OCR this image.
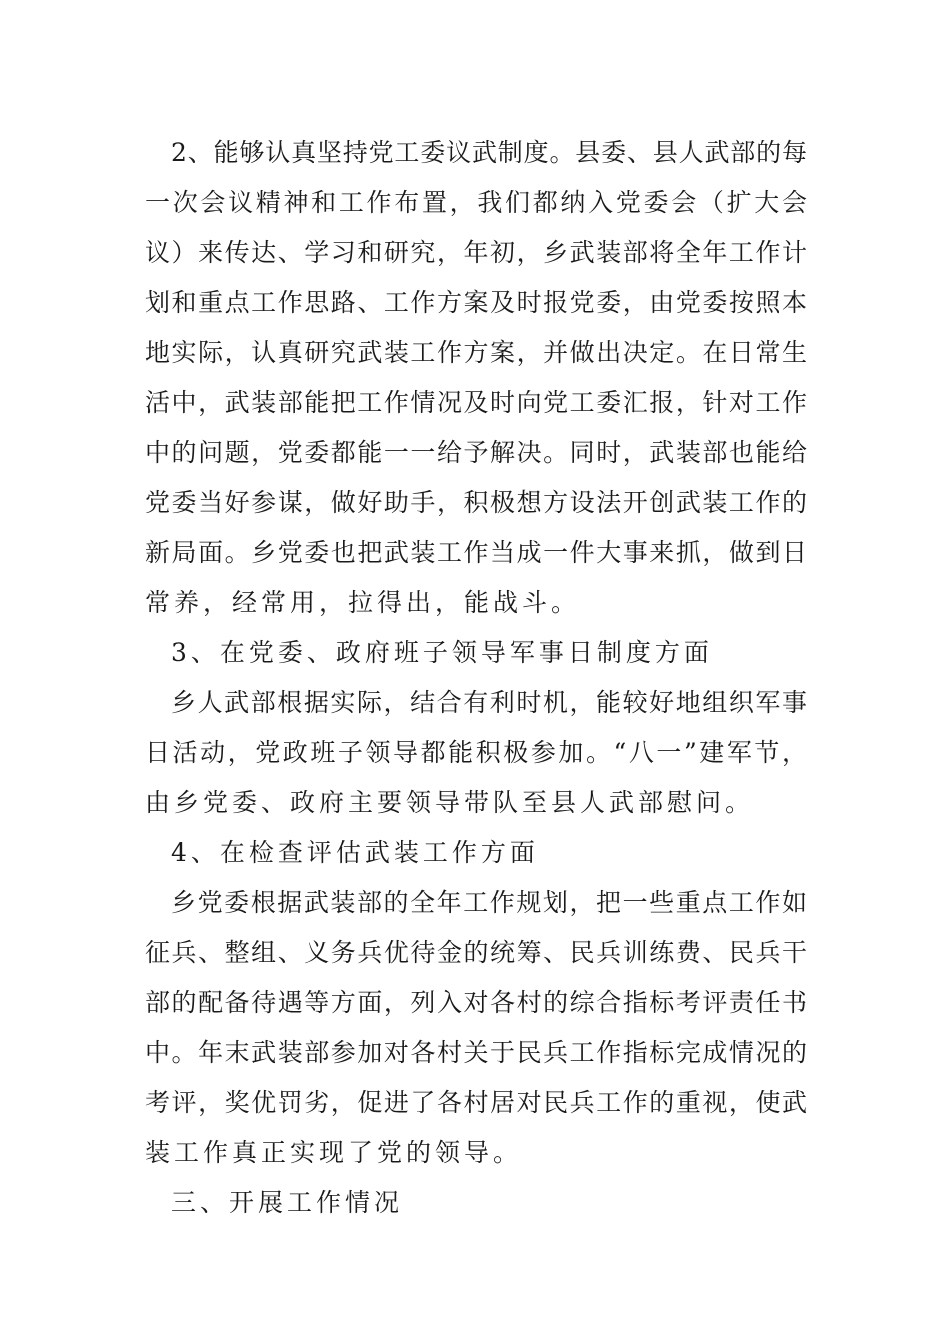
2、能够认真坚持党工委议武制度。县委、县人武部的每
一次会议精神和工作布置，我们都纳入党委会（扩大会
议）来传达、学习和研究，年初，乡武装部将全年工作计
划和重点工作思路、工作方案及时报党委，由党委按照本
地实际，认真研究武装工作方案，并做出决定。在日常生
活中，武装部能把工作情况及时向党工委汇报，针对工作
中的问题，党委都能一一给予解决。同时，武装部也能给
党委当好参谋，做好助手，积极想方设法开创武装工作的
新局面。乡党委也把武装工作当成一件大事来抓，做到日
常养，经常用，拉得出，能战斗。
3、在党委、政府班子领导军事日制度方面
乡人武部根据实际，结合有利时机，能较好地组织军事
日活动，党政班子领导都能积极参加。“八一”建军节，
由乡党委、政府主要领导带队至县人武部慰问。
4、在检查评估武装工作方面
乡党委根据武装部的全年工作规划，把一些重点工作如
征兵、整组、义务兵优待金的统筹、民兵训练费、民兵干
部的配备待遇等方面，列入对各村的综合指标考评责任书
中。年末武装部参加对各村关于民兵工作指标完成情况的
考评，奖优罚劣，促进了各村居对民兵工作的重视，使武
装工作真正实现了党的领导。
三、开展工作情况
